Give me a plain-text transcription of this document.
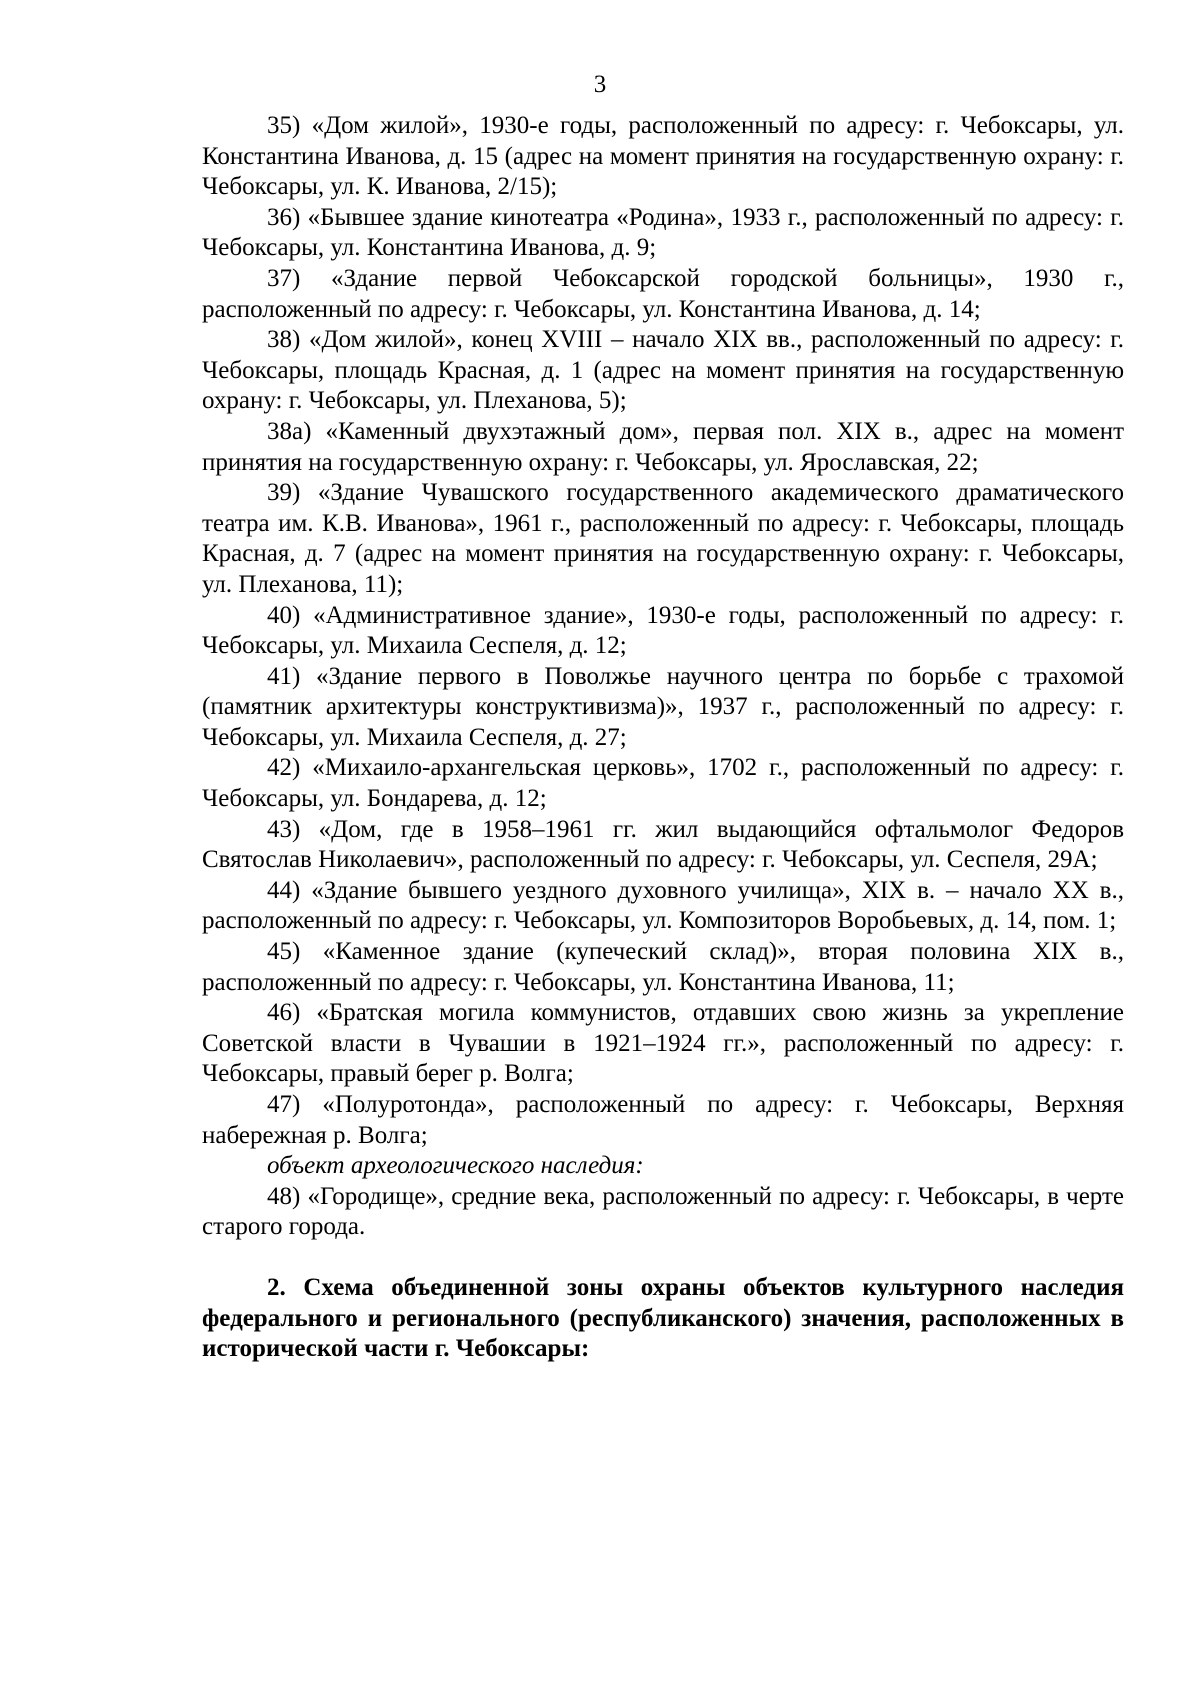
3

35) «Дом жилой», 1930-е годы, расположенный по адресу: г. Чебоксары, ул. Константина Иванова, д. 15 (адрес на момент принятия на государственную охрану: г. Чебоксары, ул. К. Иванова, 2/15);

36) «Бывшее здание кинотеатра «Родина», 1933 г., расположенный по адресу: г. Чебоксары, ул. Константина Иванова, д. 9;

37) «Здание первой Чебоксарской городской больницы», 1930 г., расположенный по адресу: г. Чебоксары, ул. Константина Иванова, д. 14;

38) «Дом жилой», конец XVIII – начало XIX вв., расположенный по адресу: г. Чебоксары, площадь Красная, д. 1 (адрес на момент принятия на государственную охрану: г. Чебоксары, ул. Плеханова, 5);

38а) «Каменный двухэтажный дом», первая пол. XIX в., адрес на момент принятия на государственную охрану: г. Чебоксары, ул. Ярославская, 22;

39) «Здание Чувашского государственного академического драматического театра им. К.В. Иванова», 1961 г., расположенный по адресу: г. Чебоксары, площадь Красная, д. 7 (адрес на момент принятия на государственную охрану: г. Чебоксары, ул. Плеханова, 11);

40) «Административное здание», 1930-е годы, расположенный по адресу: г. Чебоксары, ул. Михаила Сеспеля, д. 12;

41) «Здание первого в Поволжье научного центра по борьбе с трахомой (памятник архитектуры конструктивизма)», 1937 г., расположенный по адресу: г. Чебоксары, ул. Михаила Сеспеля, д. 27;

42) «Михаило-архангельская церковь», 1702 г., расположенный по адресу: г. Чебоксары, ул. Бондарева, д. 12;

43) «Дом, где в 1958–1961 гг. жил выдающийся офтальмолог Федоров Святослав Николаевич», расположенный по адресу: г. Чебоксары, ул. Сеспеля, 29А;

44) «Здание бывшего уездного духовного училища», XIX в. – начало XX в., расположенный по адресу: г. Чебоксары, ул. Композиторов Воробьевых, д. 14, пом. 1;

45) «Каменное здание (купеческий склад)», вторая половина XIX в., расположенный по адресу: г. Чебоксары, ул. Константина Иванова, 11;

46) «Братская могила коммунистов, отдавших свою жизнь за укрепление Советской власти в Чувашии в 1921–1924 гг.», расположенный по адресу: г. Чебоксары, правый берег р. Волга;

47) «Полуротонда», расположенный по адресу: г. Чебоксары, Верхняя набережная р. Волга;

объект археологического наследия:

48) «Городище», средние века, расположенный по адресу: г. Чебоксары, в черте старого города.

2. Схема объединенной зоны охраны объектов культурного наследия федерального и регионального (республиканского) значения, расположенных в исторической части г. Чебоксары:
